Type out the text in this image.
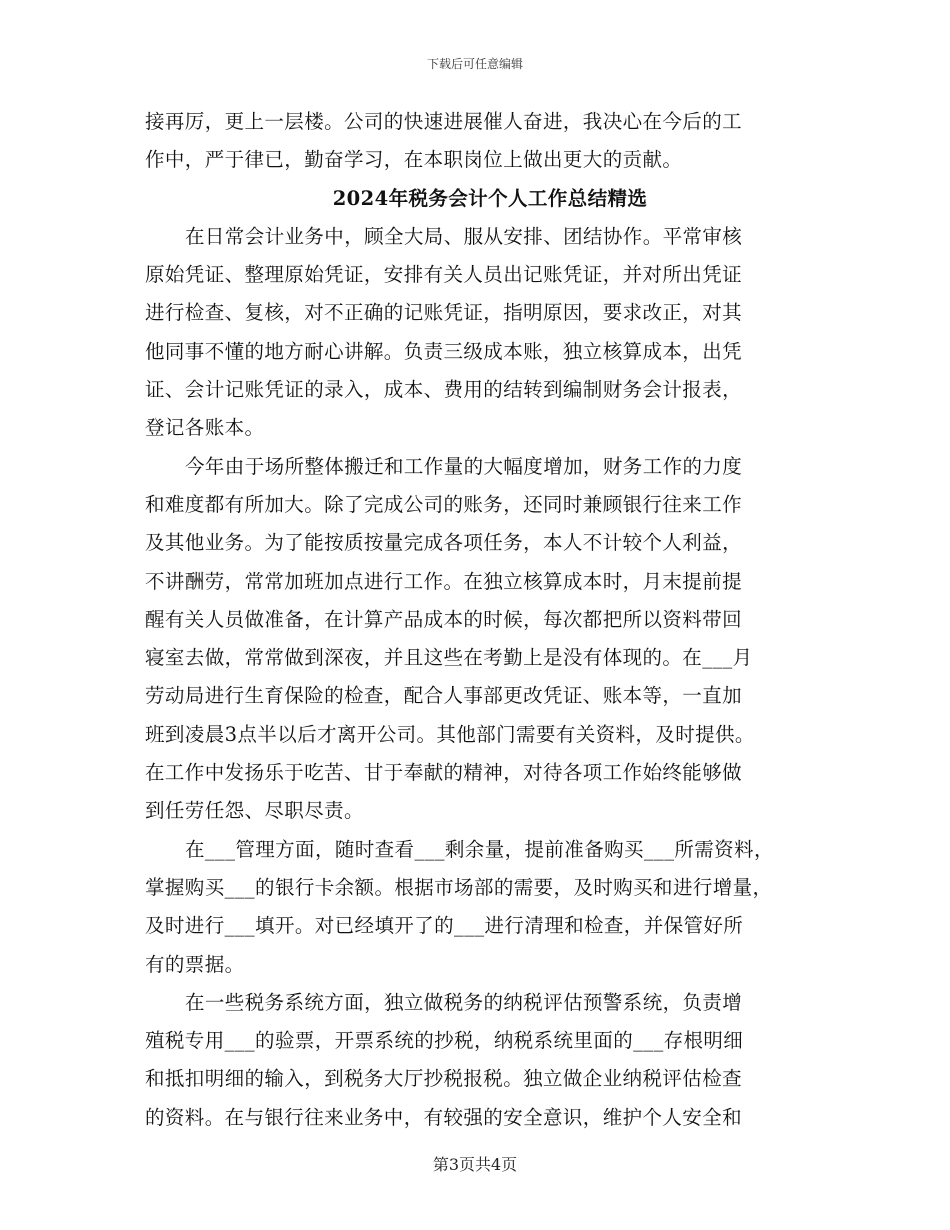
下载后可任意编辑
接再厉，更上一层楼。公司的快速进展催人奋进，我决心在今后的工
作中，严于律已，勤奋学习，在本职岗位上做出更大的贡献。
2024年税务会计个人工作总结精选
在日常会计业务中，顾全大局、服从安排、团结协作。平常审核
原始凭证、整理原始凭证，安排有关人员出记账凭证，并对所出凭证
进行检查、复核，对不正确的记账凭证，指明原因，要求改正，对其
他同事不懂的地方耐心讲解。负责三级成本账，独立核算成本，出凭
证、会计记账凭证的录入，成本、费用的结转到编制财务会计报表，
登记各账本。
今年由于场所整体搬迁和工作量的大幅度增加，财务工作的力度
和难度都有所加大。除了完成公司的账务，还同时兼顾银行往来工作
及其他业务。为了能按质按量完成各项任务，本人不计较个人利益，
不讲酬劳，常常加班加点进行工作。在独立核算成本时，月末提前提
醒有关人员做准备，在计算产品成本的时候，每次都把所以资料带回
寝室去做，常常做到深夜，并且这些在考勤上是没有体现的。在___月
劳动局进行生育保险的检查，配合人事部更改凭证、账本等，一直加
班到凌晨3点半以后才离开公司。其他部门需要有关资料，及时提供。
在工作中发扬乐于吃苦、甘于奉献的精神，对待各项工作始终能够做
到任劳任怨、尽职尽责。
在___管理方面，随时查看___剩余量，提前准备购买___所需资料，
掌握购买___的银行卡余额。根据市场部的需要，及时购买和进行增量，
及时进行___填开。对已经填开了的___进行清理和检查，并保管好所
有的票据。
在一些税务系统方面，独立做税务的纳税评估预警系统，负责增
殖税专用___的验票，开票系统的抄税，纳税系统里面的___存根明细
和抵扣明细的输入，到税务大厅抄税报税。独立做企业纳税评估检查
的资料。在与银行往来业务中，有较强的安全意识，维护个人安全和
第3页共4页
